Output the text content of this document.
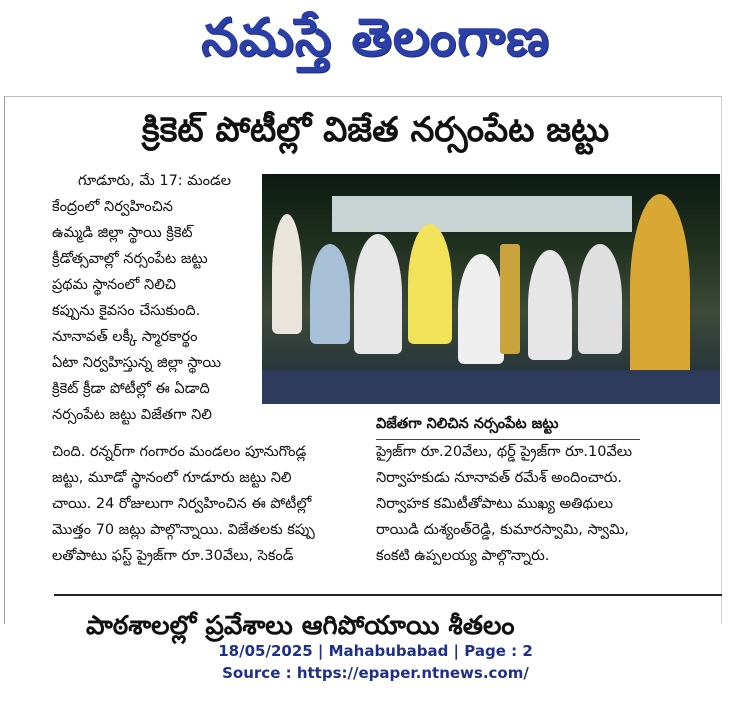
నమస్తే తెలంగాణ
క్రికెట్ పోటీల్లో విజేత నర్సంపేట జట్టు
గూడూరు, మే 17: మండల
కేంద్రంలో నిర్వహించిన
ఉమ్మడి జిల్లా స్థాయి క్రికెట్
క్రీడోత్సవాల్లో నర్సంపేట జట్టు
ప్రథమ స్థానంలో నిలిచి
కప్పును కైవసం చేసుకుంది.
నూనావత్ లక్కీ స్మారకార్థం
ఏటా నిర్వహిస్తున్న జిల్లా స్థాయి
క్రికెట్ క్రీడా పోటీల్లో ఈ ఏడాది
నర్సంపేట జట్టు విజేతగా నిలి
విజేతగా నిలిచిన నర్సంపేట జట్టు
చింది. రన్నర్‌గా గంగారం మండలం పూనుగొండ్ల
జట్టు, మూడో స్థానంలో గూడూరు జట్టు నిలి
చాయి. 24 రోజులుగా నిర్వహించిన ఈ పోటీల్లో
మొత్తం 70 జట్లు పాల్గొన్నాయి. విజేతలకు కప్పు
లతోపాటు ఫస్ట్ ప్రైజ్‌గా రూ.30వేలు, సెకండ్
ప్రైజ్‌గా రూ.20వేలు, థర్డ్ ప్రైజ్‌గా రూ.10వేలు
నిర్వాహకుడు నూనావత్ రమేశ్ అందించారు.
నిర్వాహక కమిటీతోపాటు ముఖ్య అతిథులు
రాయిడి దుశ్యంత్‌రెడ్డి, కుమారస్వామి, స్వామి,
కంకటి ఉప్పలయ్య పాల్గొన్నారు.
పాఠశాలల్లో ప్రవేశాలు ఆగిపోయాయి శీతలం
18/05/2025 | Mahabubabad | Page : 2
Source : https://epaper.ntnews.com/
